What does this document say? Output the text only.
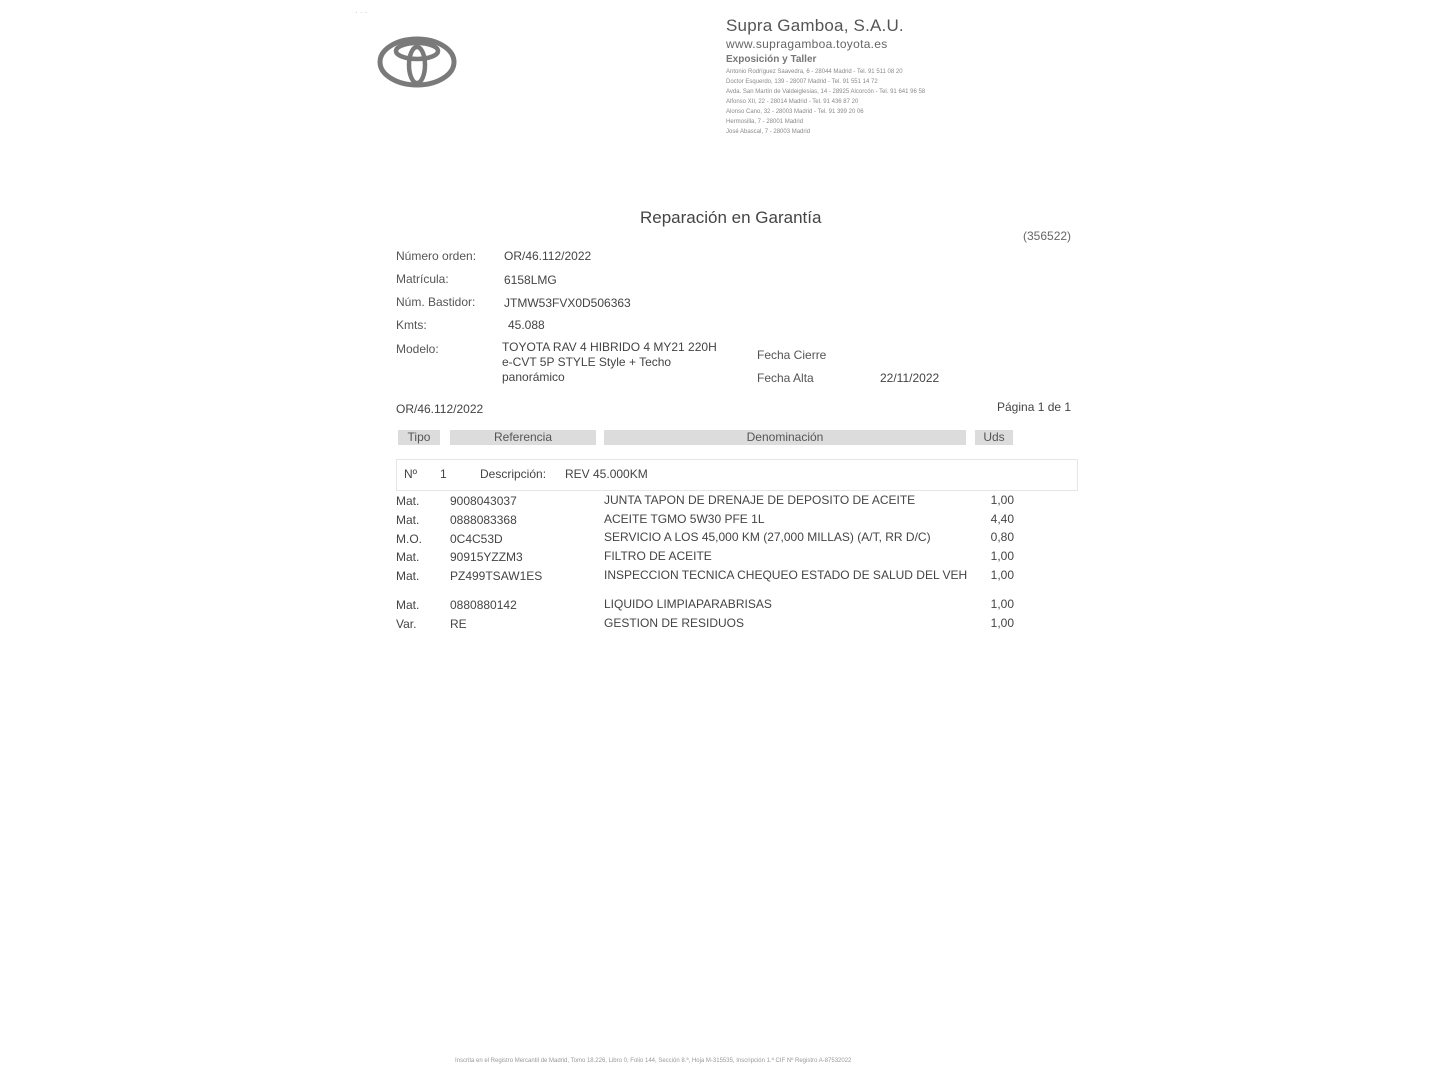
· · ·
Supra Gamboa, S.A.U.
www.supragamboa.toyota.es
Exposición y Taller
Antonio Rodríguez Saavedra, 6 - 28044 Madrid - Tel. 91 511 08 20
Doctor Esquerdo, 139 - 28007 Madrid - Tel. 91 551 14 72
Avda. San Martín de Valdeiglesias, 14 - 28925 Alcorcón - Tel. 91 641 96 58
Alfonso XII, 22 - 28014 Madrid - Tel. 91 436 87 20
Alonso Cano, 32 - 28003 Madrid - Tel. 91 399 20 06
Hermosilla, 7 - 28001 Madrid
José Abascal, 7 - 28003 Madrid
Reparación en Garantía
(356522)
Número orden: OR/46.112/2022
Matrícula:	6158LMG
Núm. Bastidor: JTMW53FVX0D506363
Kmts:	45.088
Modelo:	TOYOTA RAV 4 HIBRIDO 4 MY21 220H e-CVT 5P STYLE Style + Techo panorámico
Fecha Cierre
Fecha Alta	22/11/2022
OR/46.112/2022	Página 1 de 1
Tipo	Referencia	Denominación	Uds
Nº 1	Descripción: REV 45.000KM
Mat.	9008043037	JUNTA TAPON DE DRENAJE DE DEPOSITO DE ACEITE	1,00
Mat.	0888083368	ACEITE TGMO 5W30 PFE 1L	4,40
M.O. 0C4C53D	SERVICIO A LOS 45,000 KM (27,000 MILLAS) (A/T, RR D/C)	0,80
Mat.	90915YZZM3	FILTRO DE ACEITE	1,00
Mat.	PZ499TSAW1ES	INSPECCION TECNICA CHEQUEO ESTADO DE SALUD DEL VEH	1,00
Mat.	0880880142	LIQUIDO LIMPIAPARABRISAS	1,00
Var.	RE	GESTION DE RESIDUOS	1,00
Inscrita en el Registro Mercantil de Madrid, Tomo 18.226, Libro 0, Folio 144, Sección 8.ª, Hoja M-315535, Inscripción 1.ª CIF Nº Registro A-87532022
